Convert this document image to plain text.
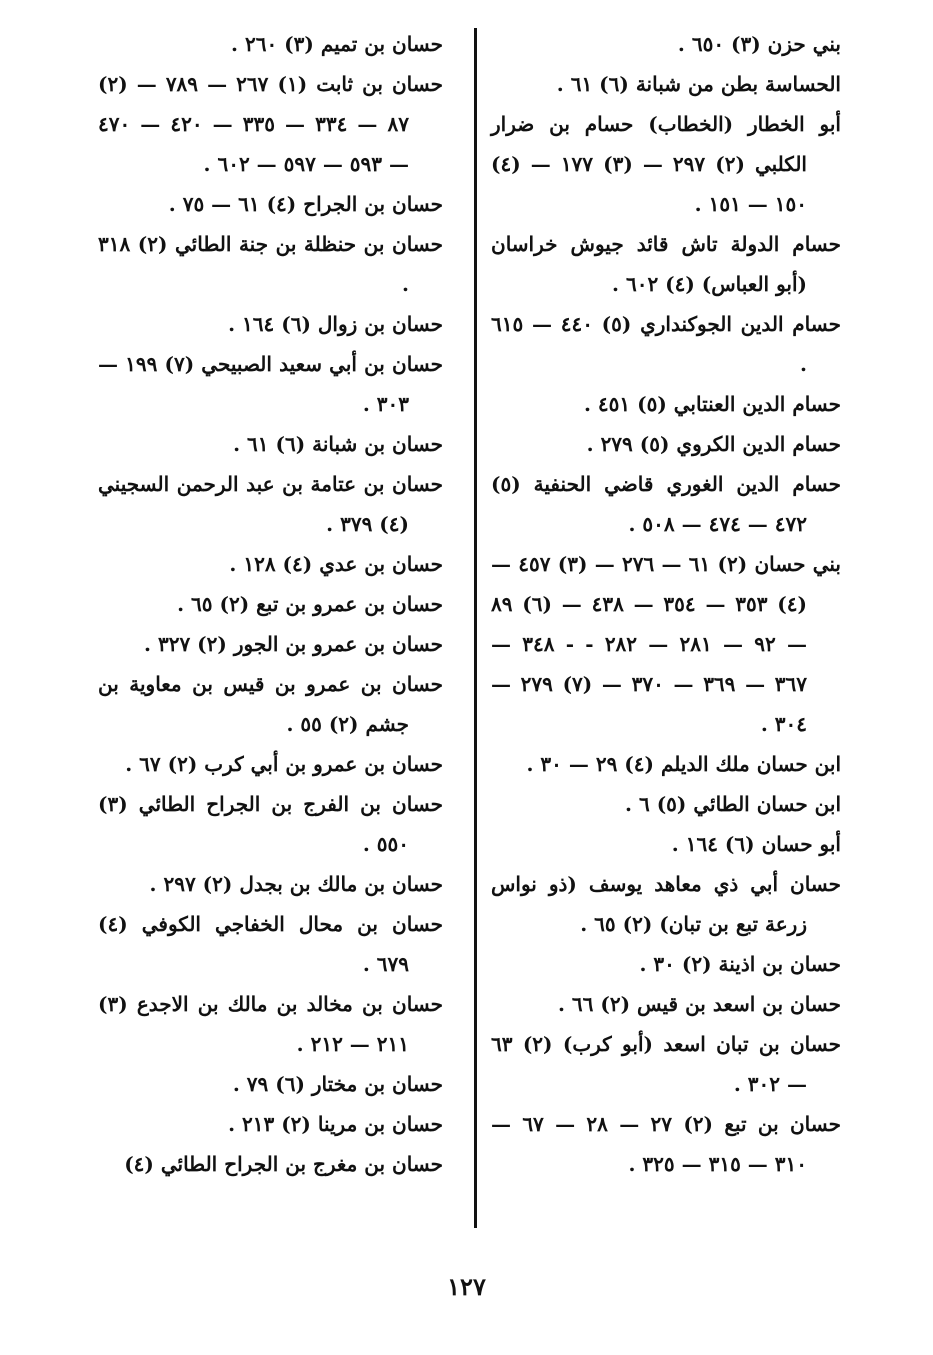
بني حزن (٣) ٦٥٠ .

الحساسة بطن من شبانة (٦) ٦١ .

أبو الخطار (الخطاب) حسام بن ضرار الكلبي (٢) ٢٩٧ — (٣) ١٧٧ — (٤) ١٥٠ — ١٥١ .

حسام الدولة تاش قائد جيوش خراسان (أبو العباس) (٤) ٦٠٢ .

حسام الدين الجوكنداري (٥) ٤٤٠ — ٦١٥ .

حسام الدين العنتابي (٥) ٤٥١ .

حسام الدين الكروي (٥) ٢٧٩ .

حسام الدين الغوري قاضي الحنفية (٥) ٤٧٢ — ٤٧٤ — ٥٠٨ .

بني حسان (٢) ٦١ — ٢٧٦ — (٣) ٤٥٧ — (٤) ٣٥٣ — ٣٥٤ — ٤٣٨ — (٦) ٨٩ — ٩٢ — ٢٨١ — ٢٨٢ - - ٣٤٨ — ٣٦٧ — ٣٦٩ — ٣٧٠ — (٧) ٢٧٩ — ٣٠٤ .

ابن حسان ملك الديلم (٤) ٢٩ — ٣٠ .

ابن حسان الطائي (٥) ٦ .

أبو حسان (٦) ١٦٤ .

حسان أبي ذي معاهد يوسف (ذو نواس زرعة تبع بن تبان) (٢) ٦٥ .

حسان بن اذينة (٢) ٣٠ .

حسان بن اسعد بن قيس (٢) ٦٦ .

حسان بن تبان اسعد (أبو كرب) (٢) ٦٣ — ٣٠٢ .

حسان بن تبع (٢) ٢٧ — ٢٨ — ٦٧ — ٣١٠ — ٣١٥ — ٣٢٥ .

حسان بن تميم (٣) ٢٦٠ .

حسان بن ثابت (١) ٢٦٧ — ٧٨٩ — (٢) ٨٧ — ٣٣٤ — ٣٣٥ — ٤٢٠ — ٤٧٠ — ٥٩٣ — ٥٩٧ — ٦٠٢ .

حسان بن الجراح (٤) ٦١ — ٧٥ .

حسان بن حنظلة بن جنة الطائي (٢) ٣١٨ .

حسان بن زوال (٦) ١٦٤ .

حسان بن أبي سعيد الصبيحي (٧) ١٩٩ — ٣٠٣ .

حسان بن شبانة (٦) ٦١ .

حسان بن عتامة بن عبد الرحمن السجيني (٤) ٣٧٩ .

حسان بن عدي (٤) ١٢٨ .

حسان بن عمرو بن تبع (٢) ٦٥ .

حسان بن عمرو بن الجور (٢) ٣٢٧ .

حسان بن عمرو بن قيس بن معاوية بن جشم (٢) ٥٥ .

حسان بن عمرو بن أبي كرب (٢) ٦٧ .

حسان بن الفرج بن الجراح الطائي (٣) ٥٥٠ .

حسان بن مالك بن بجدل (٢) ٢٩٧ .

حسان بن محال الخفاجي الكوفي (٤) ٦٧٩ .

حسان بن مخالد بن مالك بن الاجدع (٣) ٢١١ — ٢١٢ .

حسان بن مختار (٦) ٧٩ .

حسان بن مرينا (٢) ٢١٣ .

حسان بن مغرج بن الجراح الطائي (٤)

١٢٧
